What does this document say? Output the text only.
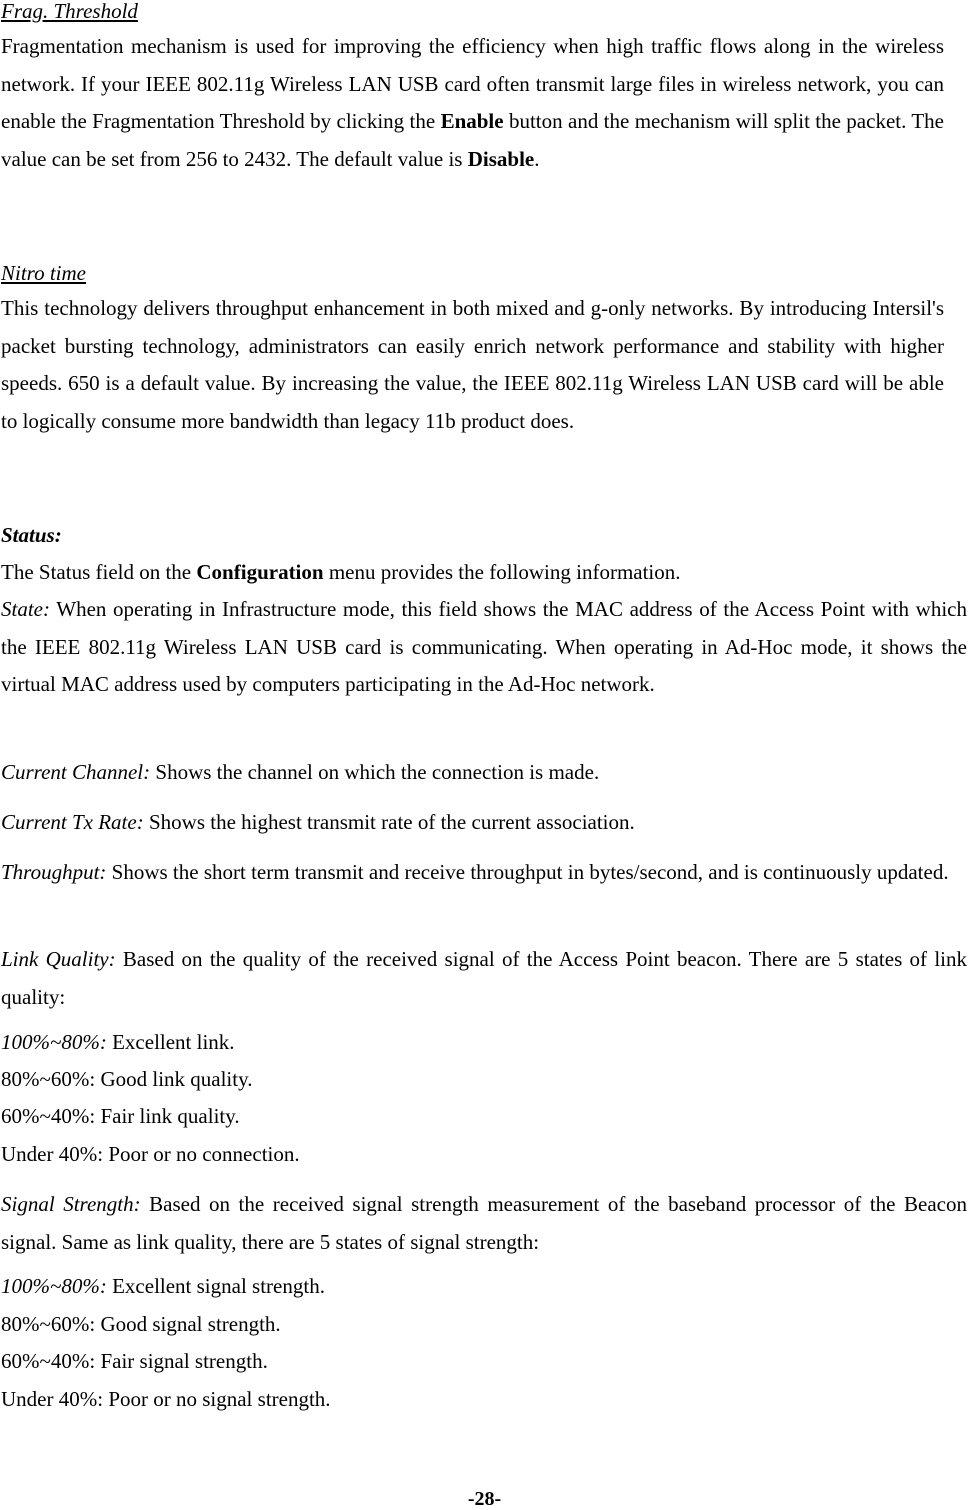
Frag. Threshold
Fragmentation mechanism is used for improving the efficiency when high traffic flows along in the wireless network. If your IEEE 802.11g Wireless LAN USB card often transmit large files in wireless network, you can enable the Fragmentation Threshold by clicking the Enable button and the mechanism will split the packet. The value can be set from 256 to 2432. The default value is Disable.
Nitro time
This technology delivers throughput enhancement in both mixed and g-only networks. By introducing Intersil's packet bursting technology, administrators can easily enrich network performance and stability with higher speeds. 650 is a default value. By increasing the value, the IEEE 802.11g Wireless LAN USB card will be able to logically consume more bandwidth than legacy 11b product does.
Status:
The Status field on the Configuration menu provides the following information.
State: When operating in Infrastructure mode, this field shows the MAC address of the Access Point with which the IEEE 802.11g Wireless LAN USB card is communicating. When operating in Ad-Hoc mode, it shows the virtual MAC address used by computers participating in the Ad-Hoc network.
Current Channel: Shows the channel on which the connection is made.
Current Tx Rate: Shows the highest transmit rate of the current association.
Throughput: Shows the short term transmit and receive throughput in bytes/second, and is continuously updated.
Link Quality: Based on the quality of the received signal of the Access Point beacon. There are 5 states of link quality:
100%~80%: Excellent link.
80%~60%: Good link quality.
60%~40%: Fair link quality.
Under 40%: Poor or no connection.
Signal Strength: Based on the received signal strength measurement of the baseband processor of the Beacon signal. Same as link quality, there are 5 states of signal strength:
100%~80%: Excellent signal strength.
80%~60%: Good signal strength.
60%~40%: Fair signal strength.
Under 40%: Poor or no signal strength.
-28-
